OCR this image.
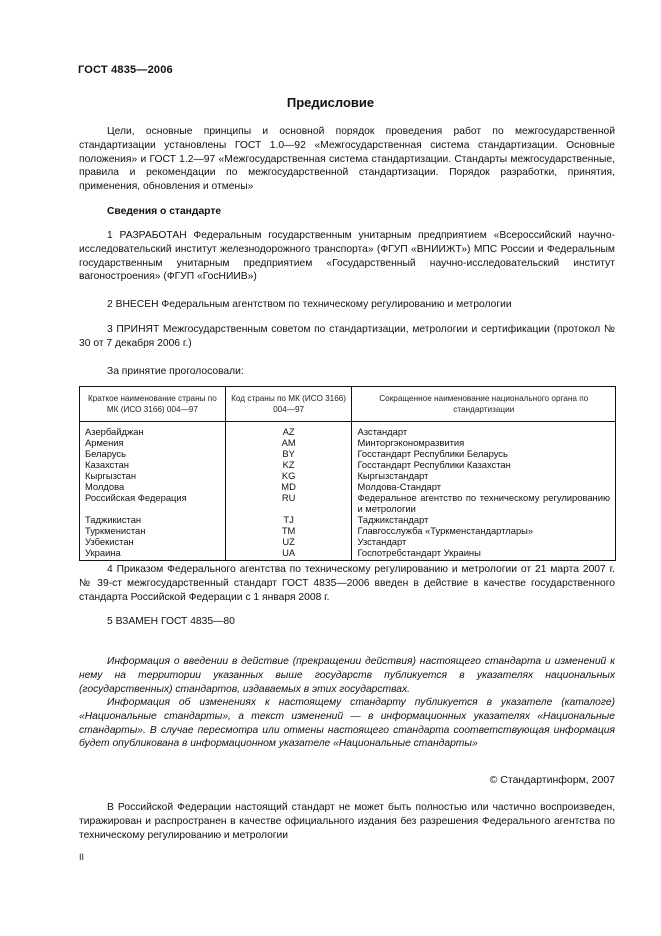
ГОСТ 4835—2006
Предисловие

Цели, основные принципы и основной порядок проведения работ по межгосударственной стандартизации установлены ГОСТ 1.0—92 «Межгосударственная система стандартизации. Основные положения» и ГОСТ 1.2—97 «Межгосударственная система стандартизации. Стандарты межгосударственные, правила и рекомендации по межгосударственной стандартизации. Порядок разработки, принятия, применения, обновления и отмены»

Сведения о стандарте

1 РАЗРАБОТАН Федеральным государственным унитарным предприятием «Всероссийский научно-исследовательский институт железнодорожного транспорта» (ФГУП «ВНИИЖТ») МПС России и Федеральным государственным унитарным предприятием «Государственный научно-исследовательский институт вагоностроения» (ФГУП «ГосНИИВ»)

2 ВНЕСЕН Федеральным агентством по техническому регулированию и метрологии

3 ПРИНЯТ Межгосударственным советом по стандартизации, метрологии и сертификации (протокол № 30 от 7 декабря 2006 г.)

За принятие проголосовали:
Краткое наименование страны по МК (ИСО 3166) 004—97	Код страны по МК (ИСО 3166) 004—97	Сокращенное наименование национального органа по стандартизации
Азербайджан	AZ	Азстандарт
Армения	AM	Минторгэкономразвития
Беларусь	BY	Госстандарт Республики Беларусь
Казахстан	KZ	Госстандарт Республики Казахстан
Кыргызстан	KG	Кыргызстандарт
Молдова	MD	Молдова-Стандарт
Российская Федерация	RU	Федеральное агентство по техническому регулированию и метрологии
Таджикистан	TJ	Таджикстандарт
Туркменистан	TM	Главгосслужба «Туркменстандартлары»
Узбекистан	UZ	Узстандарт
Украина	UA	Госпотребстандарт Украины

4 Приказом Федерального агентства по техническому регулированию и метрологии от 21 марта 2007 г. № 39-ст межгосударственный стандарт ГОСТ 4835—2006 введен в действие в качестве государственного стандарта Российской Федерации с 1 января 2008 г.

5 ВЗАМЕН ГОСТ 4835—80

Информация о введении в действие (прекращении действия) настоящего стандарта и изменений к нему на территории указанных выше государств публикуется в указателях национальных (государственных) стандартов, издаваемых в этих государствах.

Информация об изменениях к настоящему стандарту публикуется в указателе (каталоге) «Национальные стандарты», а текст изменений — в информационных указателях «Национальные стандарты». В случае пересмотра или отмены настоящего стандарта соответствующая информация будет опубликована в информационном указателе «Национальные стандарты»

© Стандартинформ, 2007

В Российской Федерации настоящий стандарт не может быть полностью или частично воспроизведен, тиражирован и распространен в качестве официального издания без разрешения Федерального агентства по техническому регулированию и метрологии

II
